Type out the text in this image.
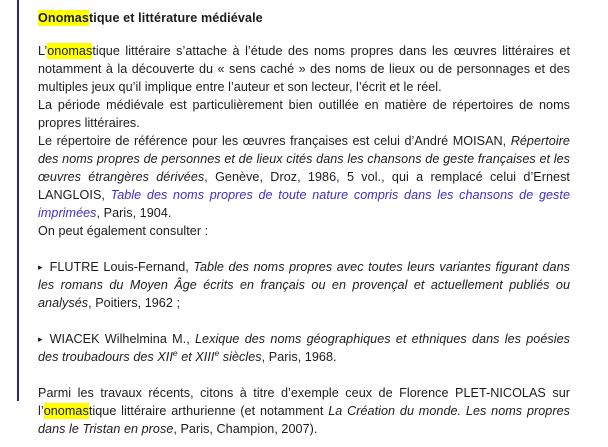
Onomastique et littérature médiévale

L’onomastique littéraire s’attache à l’étude des noms propres dans les œuvres littéraires et notamment à la découverte du « sens caché » des noms de lieux ou de personnages et des multiples jeux qu’il implique entre l’auteur et son lecteur, l’écrit et le réel.
La période médiévale est particulièrement bien outillée en matière de répertoires de noms propres littéraires.
Le répertoire de référence pour les œuvres françaises est celui d’André MOISAN, Répertoire des noms propres de personnes et de lieux cités dans les chansons de geste françaises et les œuvres étrangères dérivées, Genève, Droz, 1986, 5 vol., qui a remplacé celui d’Ernest LANGLOIS, Table des noms propres de toute nature compris dans les chansons de geste imprimées, Paris, 1904.
On peut également consulter :

▸ FLUTRE Louis-Fernand, Table des noms propres avec toutes leurs variantes figurant dans les romans du Moyen Âge écrits en français ou en provençal et actuellement publiés ou analysés, Poitiers, 1962 ;

▸ WIACEK Wilhelmina M., Lexique des noms géographiques et ethniques dans les poésies des troubadours des XIIe et XIIIe siècles, Paris, 1968.

Parmi les travaux récents, citons à titre d’exemple ceux de Florence PLET-NICOLAS sur l’onomastique littéraire arthurienne (et notamment La Création du monde. Les noms propres dans le Tristan en prose, Paris, Champion, 2007).
